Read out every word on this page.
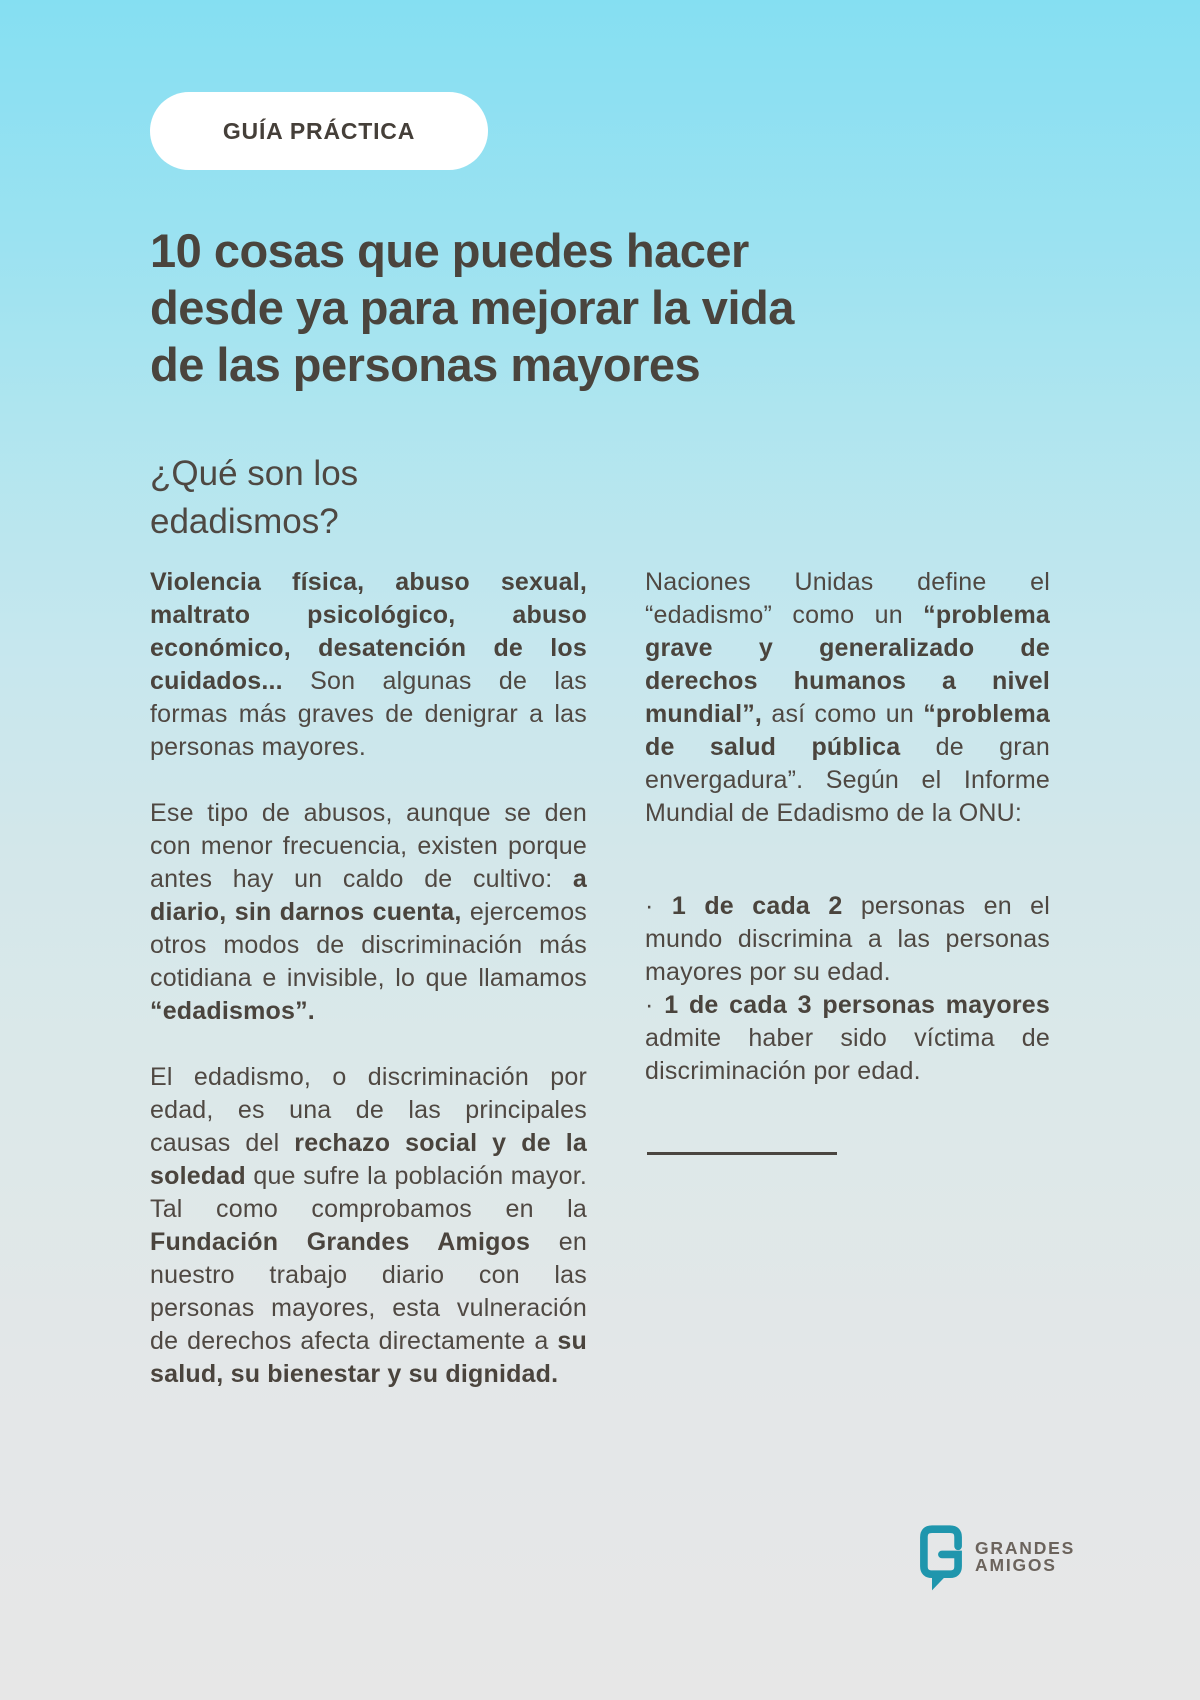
GUÍA PRÁCTICA
10 cosas que puedes hacer
desde ya para mejorar la vida
de las personas mayores
¿Qué son los
edadismos?

Violencia física, abuso sexual, maltrato psicológico, abuso económico, desatención de los cuidados... Son algunas de las formas más graves de denigrar a las personas mayores.

Ese tipo de abusos, aunque se den con menor frecuencia, existen porque antes hay un caldo de cultivo: a diario, sin darnos cuenta, ejercemos otros modos de discriminación más cotidiana e invisible, lo que llamamos “edadismos”.

El edadismo, o discriminación por edad, es una de las principales causas del rechazo social y de la soledad que sufre la población mayor. Tal como comprobamos en la Fundación Grandes Amigos en nuestro trabajo diario con las personas mayores, esta vulneración de derechos afecta directamente a su salud, su bienestar y su dignidad.

Naciones Unidas define el “edadismo” como un “problema grave y generalizado de derechos humanos a nivel mundial”, así como un “problema de salud pública de gran envergadura”. Según el Informe Mundial de Edadismo de la ONU:

· 1 de cada 2 personas en el mundo discrimina a las personas mayores por su edad.

· 1 de cada 3 personas mayores admite haber sido víctima de discriminación por edad.

GRANDES
AMIGOS
